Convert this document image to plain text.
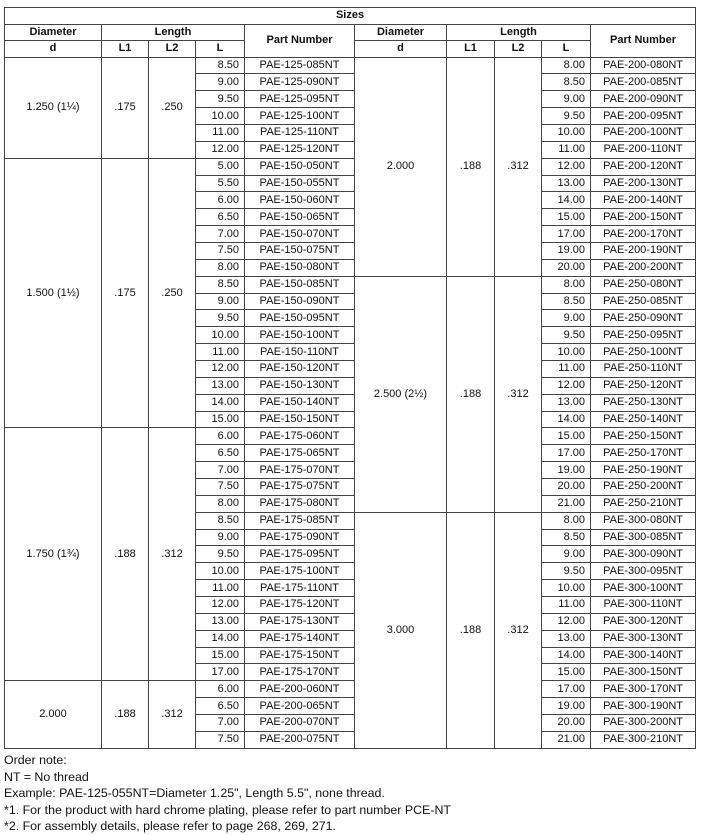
Sizes									
Diameter	Length			Part Number	Diameter	Length			Part Number
d	L1	L2	L		d	L1	L2	L	
1.250 (1¼)	.175	.250	8.50	PAE-125-085NT	2.000	.188	.312	8.00	PAE-200-080NT
			9.00	PAE-125-090NT				8.50	PAE-200-085NT
			9.50	PAE-125-095NT				9.00	PAE-200-090NT
			10.00	PAE-125-100NT				9.50	PAE-200-095NT
			11.00	PAE-125-110NT				10.00	PAE-200-100NT
			12.00	PAE-125-120NT				11.00	PAE-200-110NT
1.500 (1½)	.175	.250	5.00	PAE-150-050NT				12.00	PAE-200-120NT
			5.50	PAE-150-055NT				13.00	PAE-200-130NT
			6.00	PAE-150-060NT				14.00	PAE-200-140NT
			6.50	PAE-150-065NT				15.00	PAE-200-150NT
			7.00	PAE-150-070NT				17.00	PAE-200-170NT
			7.50	PAE-150-075NT				19.00	PAE-200-190NT
			8.00	PAE-150-080NT				20.00	PAE-200-200NT
			8.50	PAE-150-085NT	2.500 (2½)	.188	.312	8.00	PAE-250-080NT
			9.00	PAE-150-090NT				8.50	PAE-250-085NT
			9.50	PAE-150-095NT				9.00	PAE-250-090NT
			10.00	PAE-150-100NT				9.50	PAE-250-095NT
			11.00	PAE-150-110NT				10.00	PAE-250-100NT
			12.00	PAE-150-120NT				11.00	PAE-250-110NT
			13.00	PAE-150-130NT				12.00	PAE-250-120NT
			14.00	PAE-150-140NT				13.00	PAE-250-130NT
			15.00	PAE-150-150NT				14.00	PAE-250-140NT
1.750 (1¾)	.188	.312	6.00	PAE-175-060NT				15.00	PAE-250-150NT
			6.50	PAE-175-065NT				17.00	PAE-250-170NT
			7.00	PAE-175-070NT				19.00	PAE-250-190NT
			7.50	PAE-175-075NT				20.00	PAE-250-200NT
			8.00	PAE-175-080NT				21.00	PAE-250-210NT
			8.50	PAE-175-085NT	3.000	.188	.312	8.00	PAE-300-080NT
			9.00	PAE-175-090NT				8.50	PAE-300-085NT
			9.50	PAE-175-095NT				9.00	PAE-300-090NT
			10.00	PAE-175-100NT				9.50	PAE-300-095NT
			11.00	PAE-175-110NT				10.00	PAE-300-100NT
			12.00	PAE-175-120NT				11.00	PAE-300-110NT
			13.00	PAE-175-130NT				12.00	PAE-300-120NT
			14.00	PAE-175-140NT				13.00	PAE-300-130NT
			15.00	PAE-175-150NT				14.00	PAE-300-140NT
			17.00	PAE-175-170NT				15.00	PAE-300-150NT
2.000	.188	.312	6.00	PAE-200-060NT				17.00	PAE-300-170NT
			6.50	PAE-200-065NT				19.00	PAE-300-190NT
			7.00	PAE-200-070NT				20.00	PAE-300-200NT
			7.50	PAE-200-075NT				21.00	PAE-300-210NT
Order note:
NT = No thread
Example: PAE-125-055NT=Diameter 1.25", Length 5.5", none thread.
*1. For the product with hard chrome plating, please refer to part number PCE-NT
*2. For assembly details, please refer to page 268, 269, 271.
